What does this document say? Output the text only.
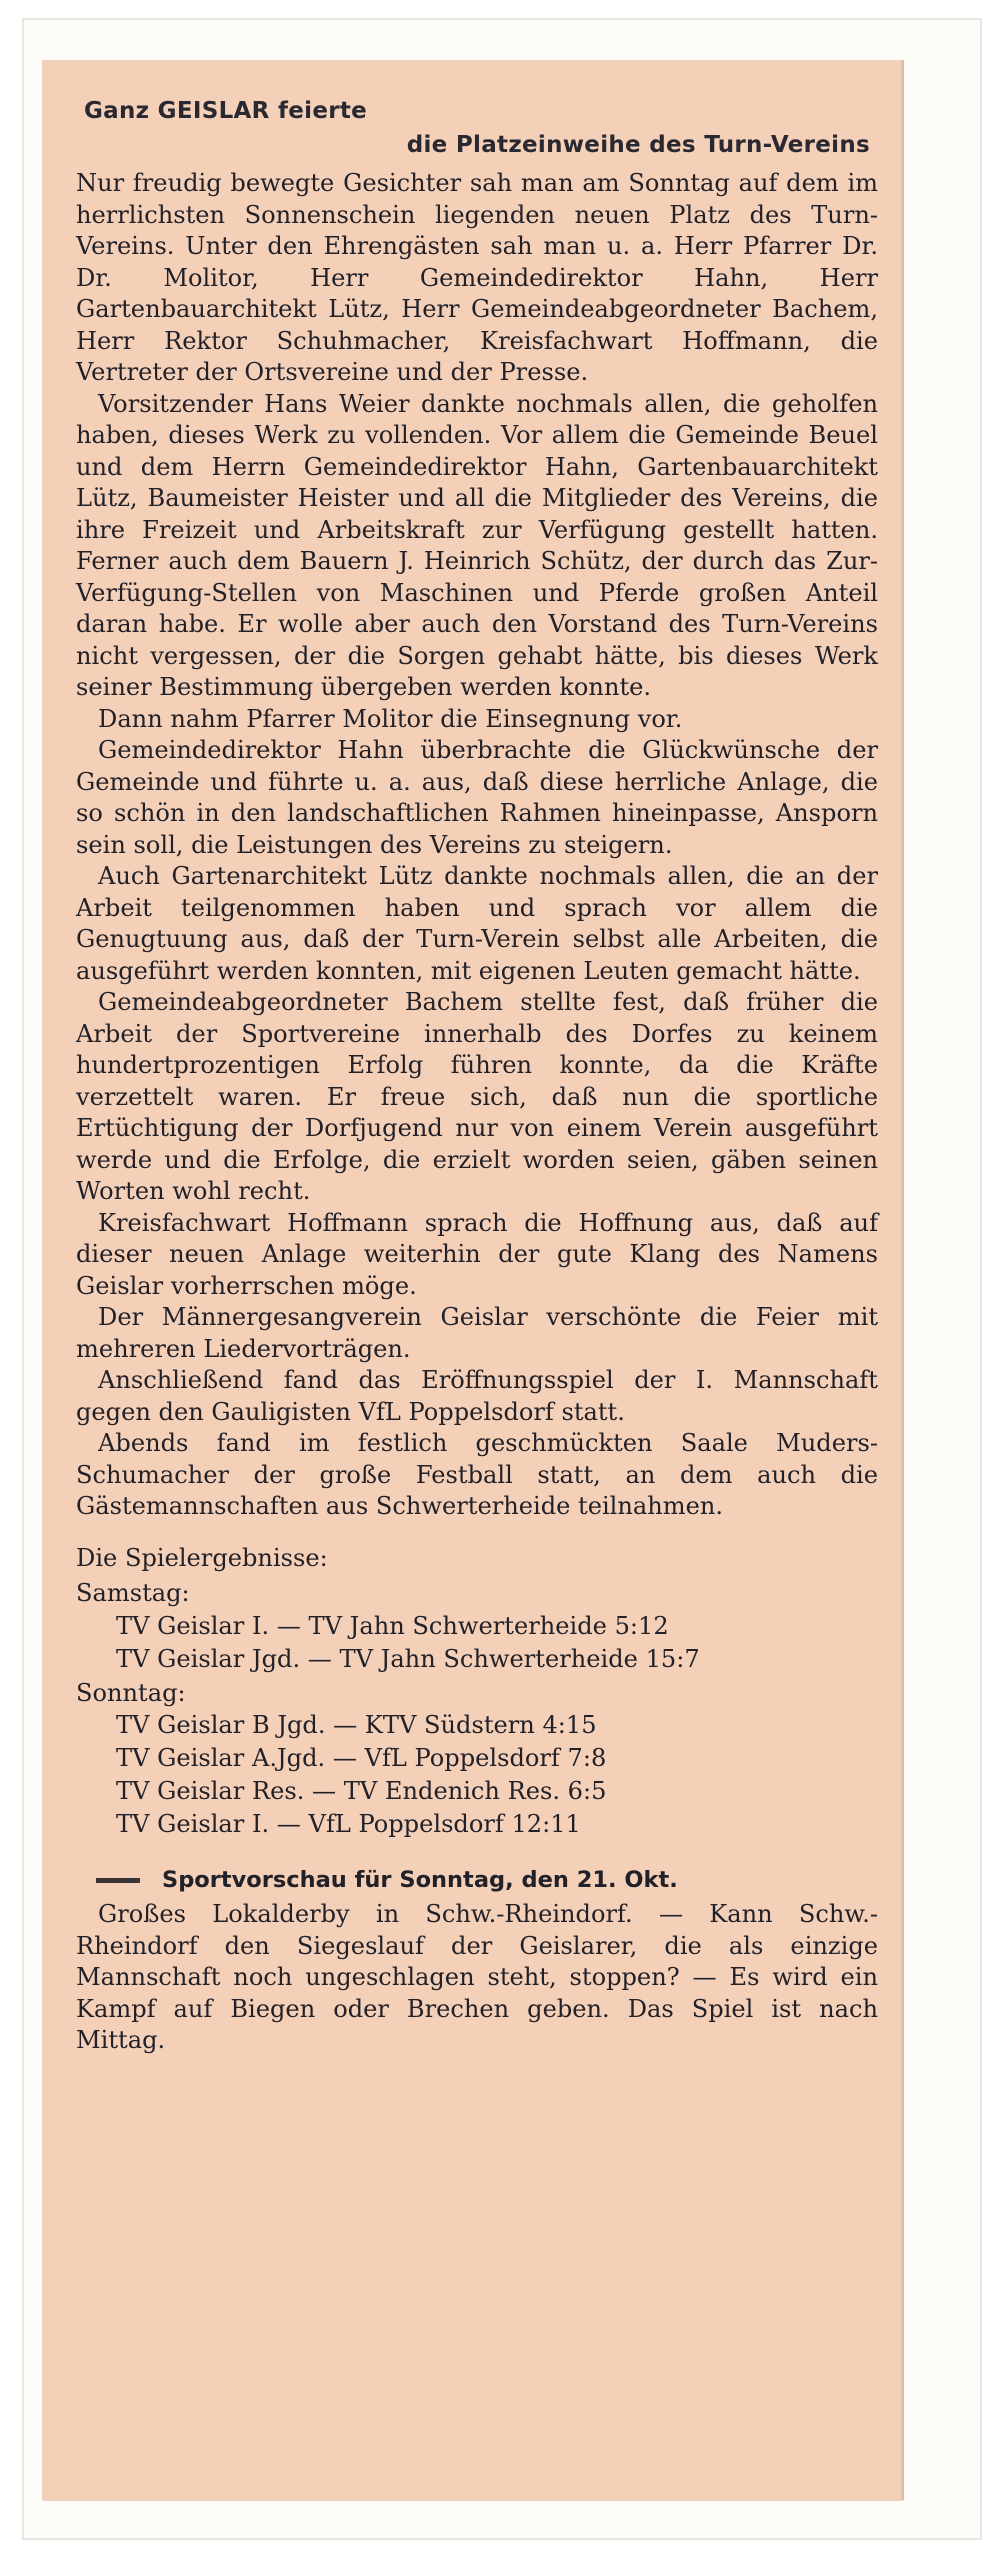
Ganz GEISLAR feierte
die Platzeinweihe des Turn-Vereins

Nur freudig bewegte Gesichter sah man am Sonntag auf dem im herrlichsten Sonnenschein liegenden neuen Platz des Turn-Vereins. Unter den Ehrengästen sah man u. a. Herr Pfarrer Dr. Dr. Molitor, Herr Gemeindedirektor Hahn, Herr Gartenbauarchitekt Lütz, Herr Gemeindeabgeordneter Bachem, Herr Rektor Schuhmacher, Kreisfachwart Hoffmann, die Vertreter der Ortsvereine und der Presse.

Vorsitzender Hans Weier dankte nochmals allen, die geholfen haben, dieses Werk zu vollenden. Vor allem die Gemeinde Beuel und dem Herrn Gemeindedirektor Hahn, Gartenbauarchitekt Lütz, Baumeister Heister und all die Mitglieder des Vereins, die ihre Freizeit und Arbeitskraft zur Verfügung gestellt hatten. Ferner auch dem Bauern J. Heinrich Schütz, der durch das Zur-Verfügung-Stellen von Maschinen und Pferde großen Anteil daran habe. Er wolle aber auch den Vorstand des Turn-Vereins nicht vergessen, der die Sorgen gehabt hätte, bis dieses Werk seiner Bestimmung übergeben werden konnte.

Dann nahm Pfarrer Molitor die Einsegnung vor.

Gemeindedirektor Hahn überbrachte die Glückwünsche der Gemeinde und führte u. a. aus, daß diese herrliche Anlage, die so schön in den landschaftlichen Rahmen hineinpasse, Ansporn sein soll, die Leistungen des Vereins zu steigern.

Auch Gartenarchitekt Lütz dankte nochmals allen, die an der Arbeit teilgenommen haben und sprach vor allem die Genugtuung aus, daß der Turn-Verein selbst alle Arbeiten, die ausgeführt werden konnten, mit eigenen Leuten gemacht hätte.

Gemeindeabgeordneter Bachem stellte fest, daß früher die Arbeit der Sportvereine innerhalb des Dorfes zu keinem hundertprozentigen Erfolg führen konnte, da die Kräfte verzettelt waren. Er freue sich, daß nun die sportliche Ertüchtigung der Dorfjugend nur von einem Verein ausgeführt werde und die Erfolge, die erzielt worden seien, gäben seinen Worten wohl recht.

Kreisfachwart Hoffmann sprach die Hoffnung aus, daß auf dieser neuen Anlage weiterhin der gute Klang des Namens Geislar vorherrschen möge.

Der Männergesangverein Geislar verschönte die Feier mit mehreren Liedervorträgen.

Anschließend fand das Eröffnungsspiel der I. Mannschaft gegen den Gauligisten VfL Poppelsdorf statt.

Abends fand im festlich geschmückten Saale Muders-Schumacher der große Festball statt, an dem auch die Gästemannschaften aus Schwerterheide teilnahmen.

Die Spielergebnisse:
Samstag:
TV Geislar I. — TV Jahn Schwerterheide 5:12
TV Geislar Jgd. — TV Jahn Schwerterheide 15:7
Sonntag:
TV Geislar B Jgd. — KTV Südstern 4:15
TV Geislar A.Jgd. — VfL Poppelsdorf 7:8
TV Geislar Res. — TV Endenich Res. 6:5
TV Geislar I. — VfL Poppelsdorf 12:11
Sportvorschau für Sonntag, den 21. Okt.

Großes Lokalderby in Schw.-Rheindorf. — Kann Schw.-Rheindorf den Siegeslauf der Geislarer, die als einzige Mannschaft noch ungeschlagen steht, stoppen? — Es wird ein Kampf auf Biegen oder Brechen geben. Das Spiel ist nach Mittag.
